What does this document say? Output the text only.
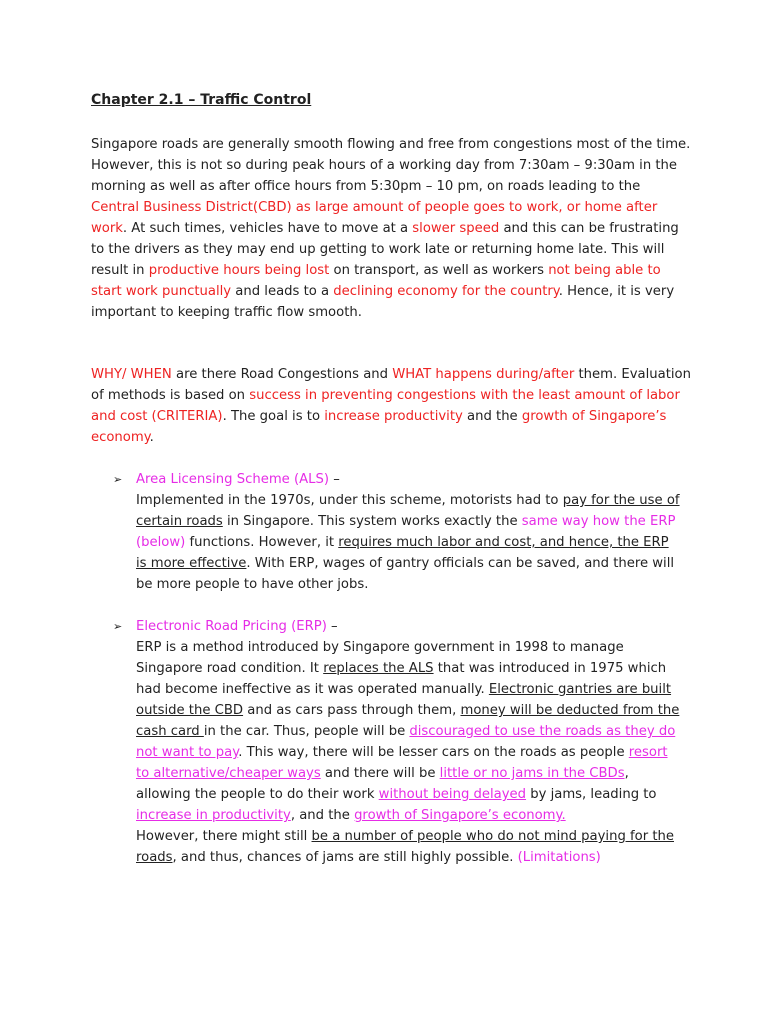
Chapter 2.1 – Traffic Control

Singapore roads are generally smooth flowing and free from congestions most of the time. However, this is not so during peak hours of a working day from 7:30am – 9:30am in the morning as well as after office hours from 5:30pm – 10 pm, on roads leading to the Central Business District(CBD) as large amount of people goes to work, or home after work. At such times, vehicles have to move at a slower speed and this can be frustrating to the drivers as they may end up getting to work late or returning home late. This will result in productive hours being lost on transport, as well as workers not being able to start work punctually and leads to a declining economy for the country. Hence, it is very important to keeping traffic flow smooth.

WHY/ WHEN are there Road Congestions and WHAT happens during/after them. Evaluation of methods is based on success in preventing congestions with the least amount of labor and cost (CRITERIA). The goal is to increase productivity and the growth of Singapore’s economy.

➢ Area Licensing Scheme (ALS) –

Implemented in the 1970s, under this scheme, motorists had to pay for the use of certain roads in Singapore. This system works exactly the same way how the ERP (below) functions. However, it requires much labor and cost, and hence, the ERP is more effective. With ERP, wages of gantry officials can be saved, and there will be more people to have other jobs.

➢ Electronic Road Pricing (ERP) –

ERP is a method introduced by Singapore government in 1998 to manage Singapore road condition. It replaces the ALS that was introduced in 1975 which had become ineffective as it was operated manually. Electronic gantries are built outside the CBD and as cars pass through them, money will be deducted from the cash card in the car. Thus, people will be discouraged to use the roads as they do not want to pay. This way, there will be lesser cars on the roads as people resort to alternative/cheaper ways and there will be little or no jams in the CBDs, allowing the people to do their work without being delayed by jams, leading to increase in productivity, and the growth of Singapore’s economy.
However, there might still be a number of people who do not mind paying for the roads, and thus, chances of jams are still highly possible. (Limitations)
